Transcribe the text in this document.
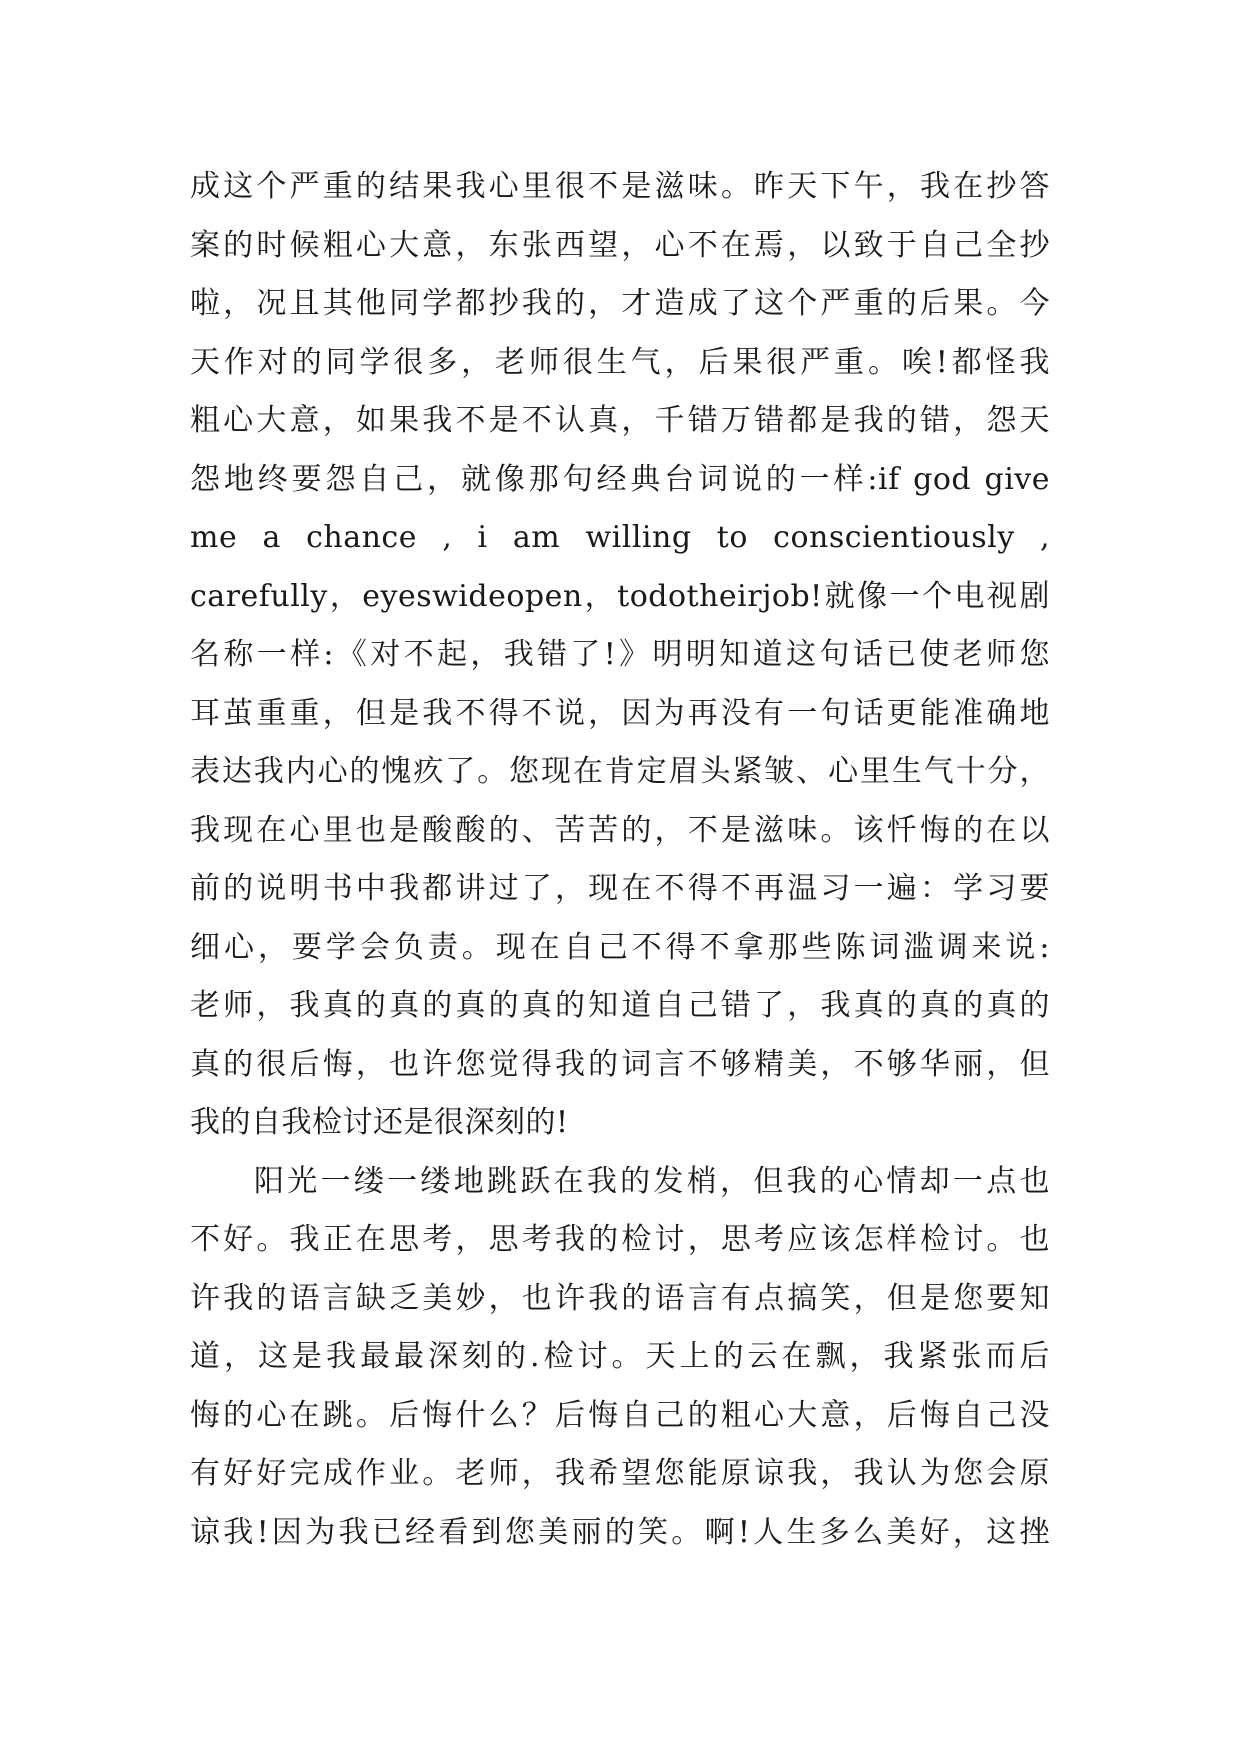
成这个严重的结果我心里很不是滋味。昨天下午，我在抄答
案的时候粗心大意，东张西望，心不在焉，以致于自己全抄
啦，况且其他同学都抄我的，才造成了这个严重的后果。今
天作对的同学很多，老师很生气，后果很严重。唉!都怪我
粗心大意，如果我不是不认真，千错万错都是我的错，怨天
怨地终要怨自己，就像那句经典台词说的一样:if god give
me a chance , i am willing to conscientiously ,
carefully，eyeswideopen，todotheirjob!就像一个电视剧
名称一样:《对不起，我错了!》明明知道这句话已使老师您
耳茧重重，但是我不得不说，因为再没有一句话更能准确地
表达我内心的愧疚了。您现在肯定眉头紧皱、心里生气十分，
我现在心里也是酸酸的、苦苦的，不是滋味。该忏悔的在以
前的说明书中我都讲过了，现在不得不再温习一遍：学习要
细心，要学会负责。现在自己不得不拿那些陈词滥调来说:
老师，我真的真的真的真的知道自己错了，我真的真的真的
真的很后悔，也许您觉得我的词言不够精美，不够华丽，但
我的自我检讨还是很深刻的!
阳光一缕一缕地跳跃在我的发梢，但我的心情却一点也
不好。我正在思考，思考我的检讨，思考应该怎样检讨。也
许我的语言缺乏美妙，也许我的语言有点搞笑，但是您要知
道，这是我最最深刻的.检讨。天上的云在飘，我紧张而后
悔的心在跳。后悔什么？后悔自己的粗心大意，后悔自己没
有好好完成作业。老师，我希望您能原谅我，我认为您会原
谅我!因为我已经看到您美丽的笑。啊!人生多么美好，这挫
